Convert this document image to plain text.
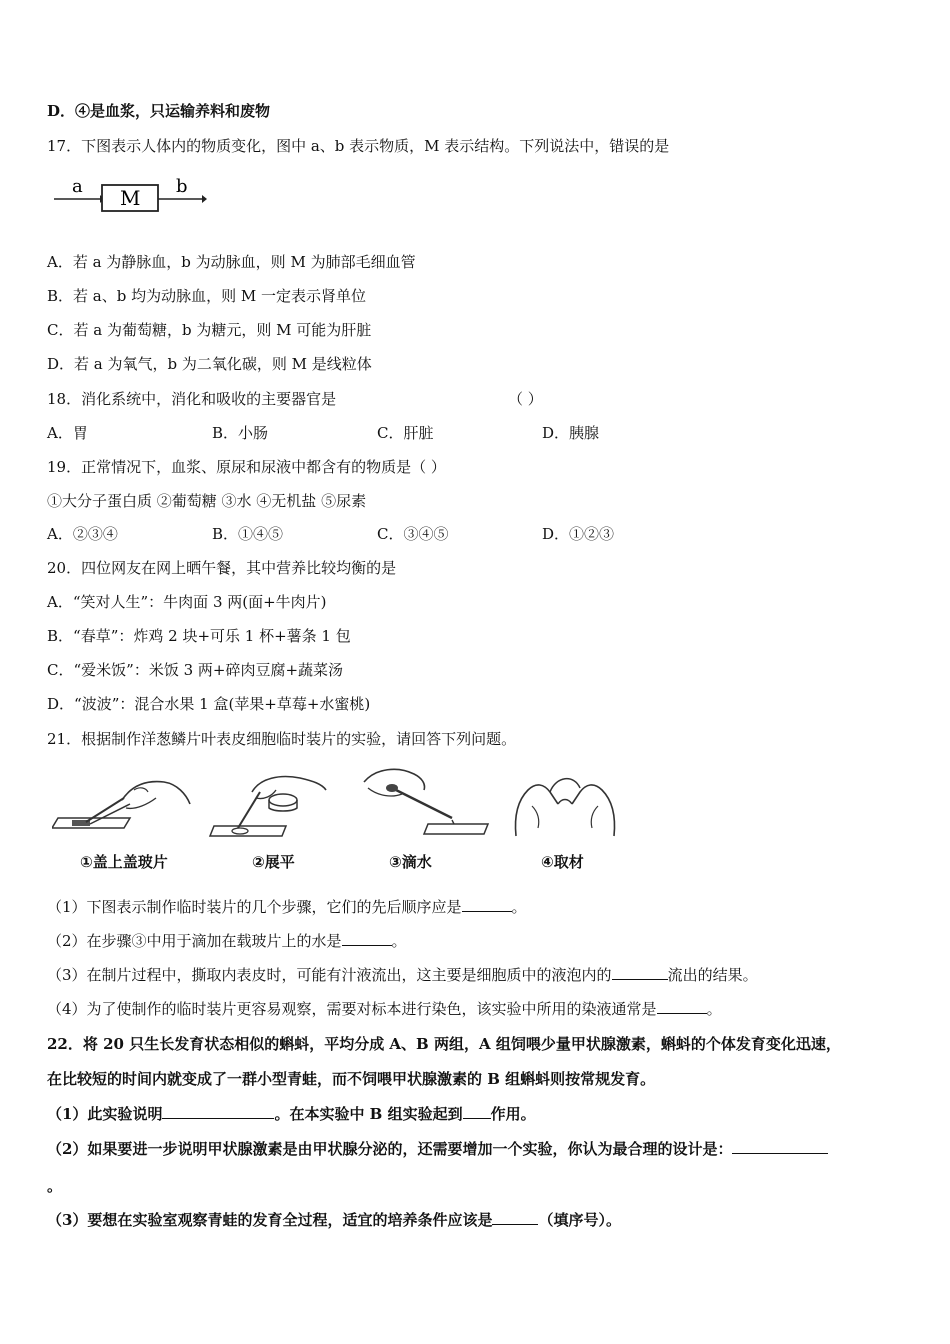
D．④是血浆，只运输养料和废物
17．下图表示人体内的物质变化，图中 a、b 表示物质，M 表示结构。下列说法中，错误的是
a M b
A．若 a 为静脉血，b 为动脉血，则 M 为肺部毛细血管
B．若 a、b 均为动脉血，则 M 一定表示肾单位
C．若 a 为葡萄糖，b 为糖元，则 M 可能为肝脏
D．若 a 为氧气，b 为二氧化碳，则 M 是线粒体
18．消化系统中，消化和吸收的主要器官是	（ ）
A．胃	B．小肠	C．肝脏	D．胰腺
19．正常情况下，血浆、原尿和尿液中都含有的物质是（ ）
①大分子蛋白质 ②葡萄糖 ③水 ④无机盐 ⑤尿素
A．②③④	B．①④⑤	C．③④⑤	D．①②③
20．四位网友在网上晒午餐，其中营养比较均衡的是
A．“笑对人生”：牛肉面 3 两(面+牛肉片)
B．“春草”：炸鸡 2 块+可乐 1 杯+薯条 1 包
C．“爱米饭”：米饭 3 两+碎肉豆腐+蔬菜汤
D．“波波”：混合水果 1 盒(苹果+草莓+水蜜桃)
21．根据制作洋葱鳞片叶表皮细胞临时装片的实验，请回答下列问题。
①盖上盖玻片	②展平	③滴水	④取材
（1）下图表示制作临时装片的几个步骤，它们的先后顺序应是	。
（2）在步骤③中用于滴加在载玻片上的水是	。
（3）在制片过程中，撕取内表皮时，可能有汁液流出，这主要是细胞质中的液泡内的	流出的结果。
（4）为了使制作的临时装片更容易观察，需要对标本进行染色，该实验中所用的染液通常是	。
22．将 20 只生长发育状态相似的蝌蚪，平均分成 A、B 两组，A 组饲喂少量甲状腺激素，蝌蚪的个体发育变化迅速，
在比较短的时间内就变成了一群小型青蛙，而不饲喂甲状腺激素的 B 组蝌蚪则按常规发育。
（1）此实验说明	。在本实验中 B 组实验起到 作用。
（2）如果要进一步说明甲状腺激素是由甲状腺分泌的，还需要增加一个实验，你认为最合理的设计是：
。
（3）要想在实验室观察青蛙的发育全过程，适宜的培养条件应该是	（填序号）。
